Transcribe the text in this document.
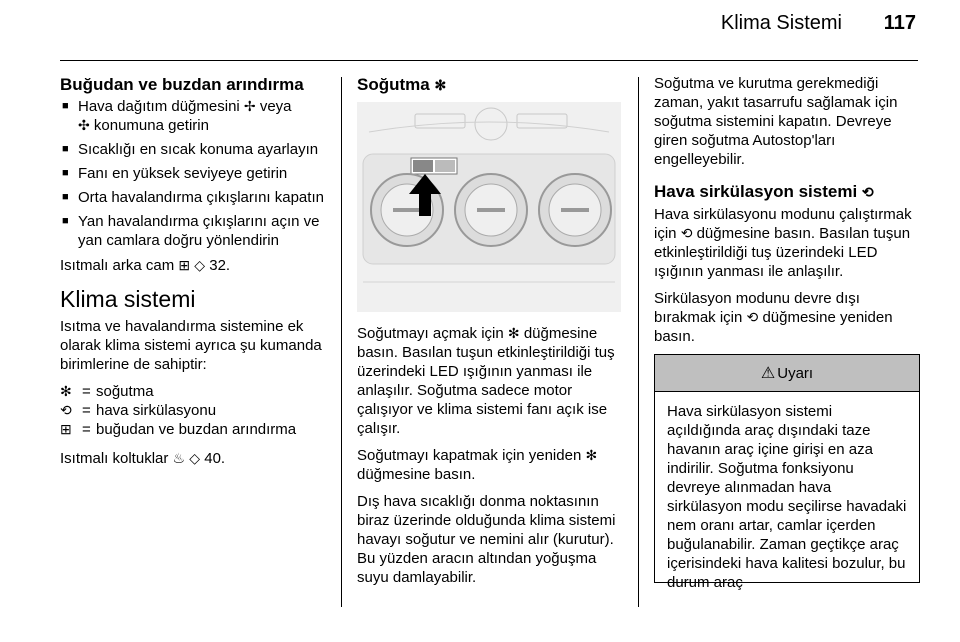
Klima Sistemi 117
Buğudan ve buzdan arındırma
■ Hava dağıtım düğmesini ✢ veya
✣ konumuna getirin
■ Sıcaklığı en sıcak konuma ayarlayın
■ Fanı en yüksek seviyeye getirin
■ Orta havalandırma çıkışlarını kapatın
■ Yan havalandırma çıkışlarını açın ve yan camlara doğru yönlendirin

Isıtmalı arka cam ⊞ ◇ 32.

Klima sistemi

Isıtma ve havalandırma sistemine ek olarak klima sistemi ayrıca şu kumanda birimlerine de sahiptir:

✻ = soğutma
⟲ = hava sirkülasyonu
⊞ = buğudan ve buzdan arındırma

Isıtmalı koltuklar ♨ ◇ 40.

Soğutma ✻

Soğutmayı açmak için ✻ düğmesine basın. Basılan tuşun etkinleştirildiği tuş üzerindeki LED ışığının yanması ile anlaşılır. Soğutma sadece motor çalışıyor ve klima sistemi fanı açık ise çalışır.

Soğutmayı kapatmak için yeniden ✻ düğmesine basın.

Dış hava sıcaklığı donma noktasının biraz üzerinde olduğunda klima sistemi havayı soğutur ve nemini alır (kurutur). Bu yüzden aracın altından yoğuşma suyu damlayabilir.

Soğutma ve kurutma gerekmediği zaman, yakıt tasarrufu sağlamak için soğutma sistemini kapatın. Devreye giren soğutma Autostop'ları engelleyebilir.

Hava sirkülasyon sistemi ⟲

Hava sirkülasyonu modunu çalıştırmak için ⟲ düğmesine basın. Basılan tuşun etkinleştirildiği tuş üzerindeki LED ışığının yanması ile anlaşılır.

Sirkülasyon modunu devre dışı bırakmak için ⟲ düğmesine yeniden basın.

⚠ Uyarı
Hava sirkülasyon sistemi açıldığında araç dışındaki taze havanın araç içine girişi en aza indirilir. Soğutma fonksiyonu devreye alınmadan hava sirkülasyon modu seçilirse havadaki nem oranı artar, camlar içerden buğulanabilir. Zaman geçtikçe araç içerisindeki hava kalitesi bozulur, bu durum araç
